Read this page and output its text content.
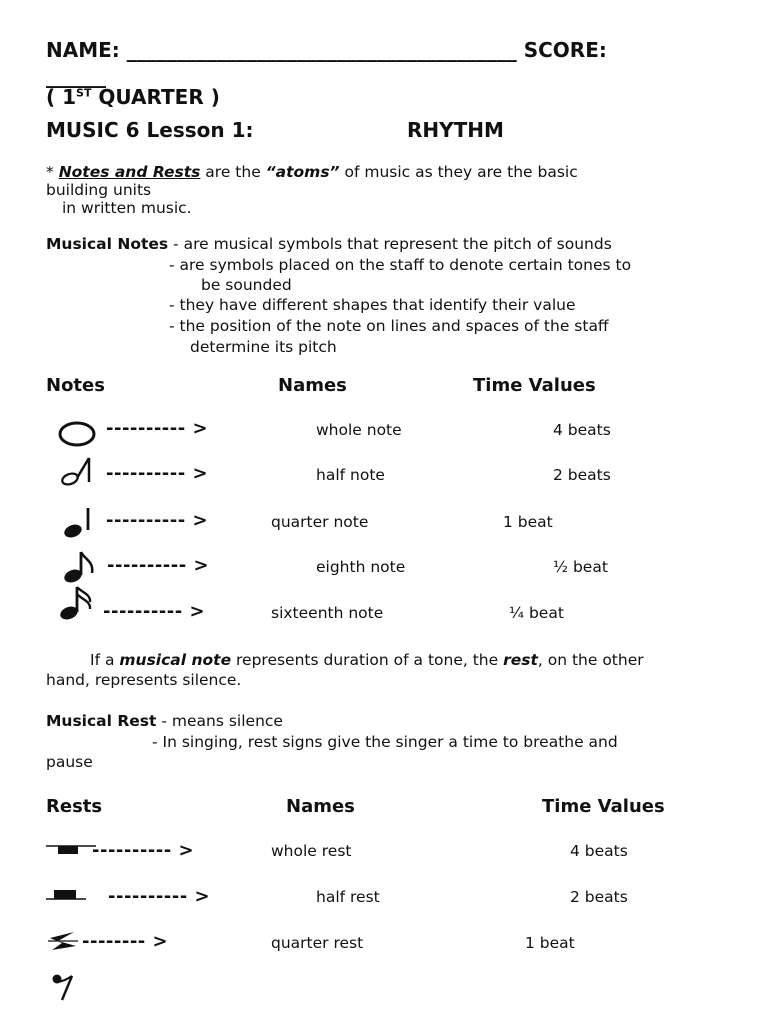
NAME: _______________________________________ SCORE:
______
( 1ST QUARTER )
MUSIC 6 Lesson 1:	RHYTHM
* Notes and Rests are the “atoms” of music as they are the basic
building units
in written music.
Musical Notes - are musical symbols that represent the pitch of sounds
- are symbols placed on the staff to denote certain tones to
be sounded
- they have different shapes that identify their value
- the position of the note on lines and spaces of the staff
determine its pitch
Notes	Names	Time Values
---------- >	whole note	4 beats
---------- >	half note	2 beats
---------- >	quarter note	1 beat
---------- >	eighth note	½ beat
---------- >	sixteenth note	¼ beat
If a musical note represents duration of a tone, the rest, on the other
hand, represents silence.
Musical Rest - means silence
- In singing, rest signs give the singer a time to breathe and
pause
Rests	Names	Time Values
---------- >	whole rest	4 beats
---------- >	half rest	2 beats
-------- >	quarter rest	1 beat
